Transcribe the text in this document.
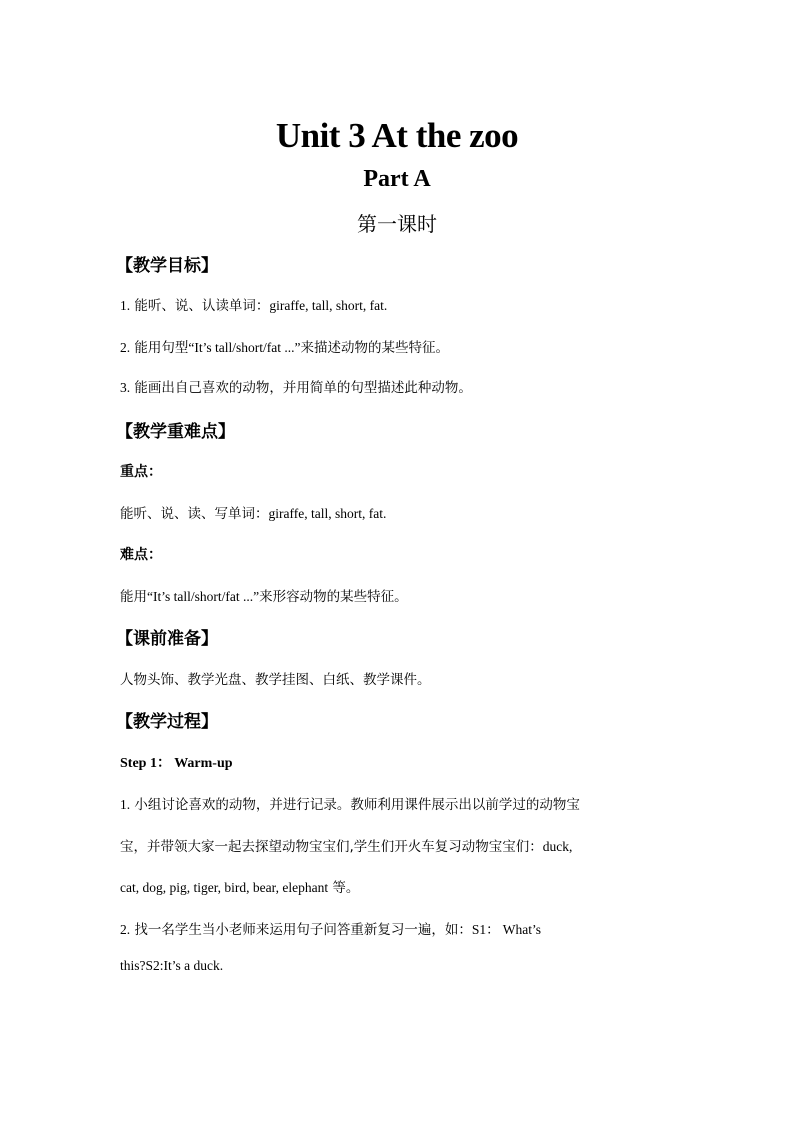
Unit 3 At the zoo
Part A
第一课时
【教学目标】
1. 能听、说、认读单词：giraffe, tall, short, fat.
2. 能用句型“It’s tall/short/fat ...”来描述动物的某些特征。
3. 能画出自己喜欢的动物，并用简单的句型描述此种动物。
【教学重难点】
重点：
能听、说、读、写单词：giraffe, tall, short, fat.
难点：
能用“It’s tall/short/fat ...”来形容动物的某些特征。
【课前准备】
人物头饰、教学光盘、教学挂图、白纸、教学课件。
【教学过程】
Step 1： Warm-up
1. 小组讨论喜欢的动物，并进行记录。教师利用课件展示出以前学过的动物宝
宝，并带领大家一起去探望动物宝宝们,学生们开火车复习动物宝宝们：duck,
cat, dog, pig, tiger, bird, bear, elephant 等。
2. 找一名学生当小老师来运用句子问答重新复习一遍，如：S1： What’s
this?S2:It’s a duck.
